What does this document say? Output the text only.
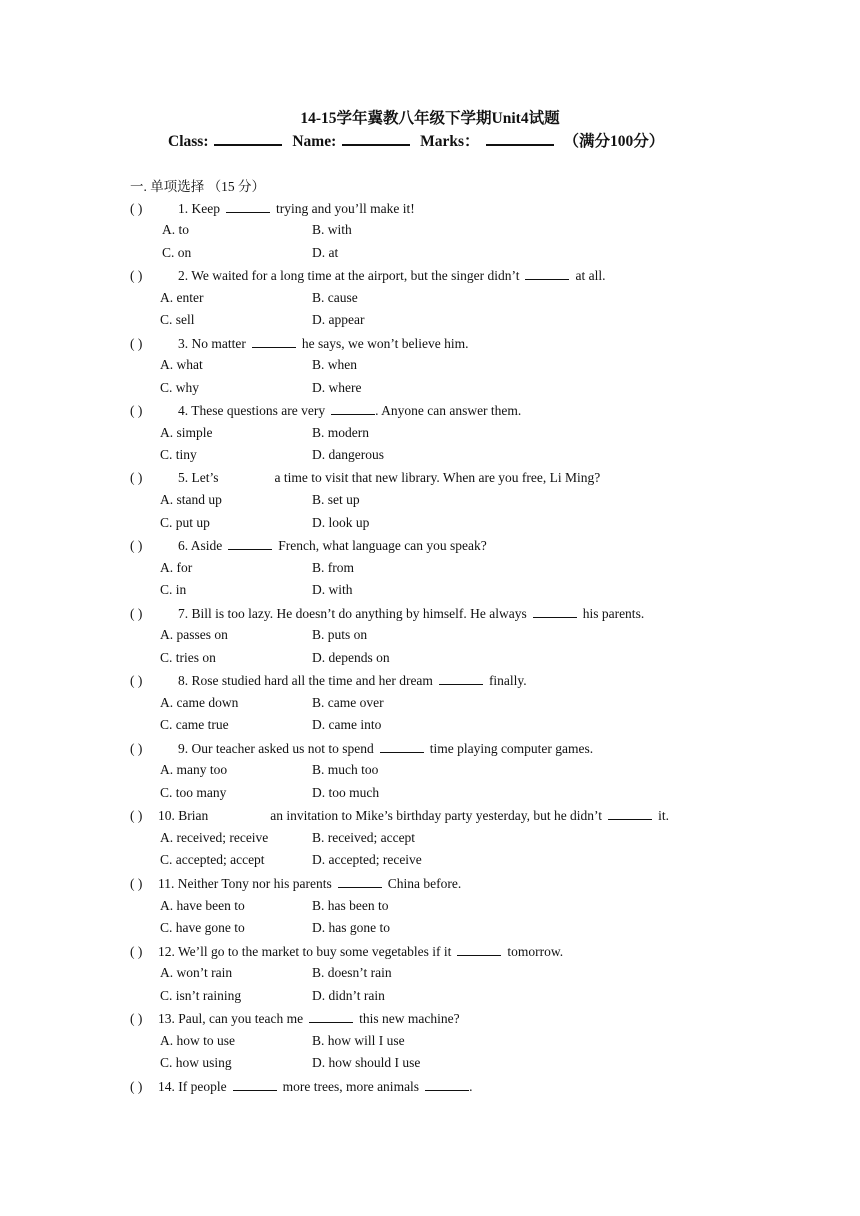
14-15学年冀教八年级下学期Unit4试题
Class:	Name:	Marks：	（满分100分）
一. 单项选择 （15 分）
( )	1. Keep	trying and you’ll make it!
A. to	B. with
C. on	D. at
( )	2. We waited for a long time at the airport, but the singer didn’t	at all.
A. enter	B. cause
C. sell	D. appear
( )	3. No matter	he says, we won’t believe him.
A. what	B. when
C. why	D. where
( )	4. These questions are very	. Anyone can answer them.
A. simple	B. modern
C. tiny	D. dangerous
( )	5. Let’s	a time to visit that new library. When are you free, Li Ming?
A. stand up	B. set up
C. put up	D. look up
( )	6. Aside	French, what language can you speak?
A. for	B. from
C. in	D. with
( )	7. Bill is too lazy. He doesn’t do anything by himself. He always	his parents.
A. passes on	B. puts on
C. tries on	D. depends on
( )	8. Rose studied hard all the time and her dream	finally.
A. came down	B. came over
C. came true	D. came into
( )	9. Our teacher asked us not to spend	time playing computer games.
A. many too	B. much too
C. too many	D. too much
( ) 10. Brian	an invitation to Mike’s birthday party yesterday, but he didn’t	it.
A. received; receive	B. received; accept
C. accepted; accept	D. accepted; receive
( ) 11. Neither Tony nor his parents	China before.
A. have been to	B. has been to
C. have gone to	D. has gone to
( ) 12. We’ll go to the market to buy some vegetables if it	tomorrow.
A. won’t rain	B. doesn’t rain
C. isn’t raining	D. didn’t rain
( ) 13. Paul, can you teach me	this new machine?
A. how to use	B. how will I use
C. how using	D. how should I use
( ) 14. If people	more trees, more animals	.
